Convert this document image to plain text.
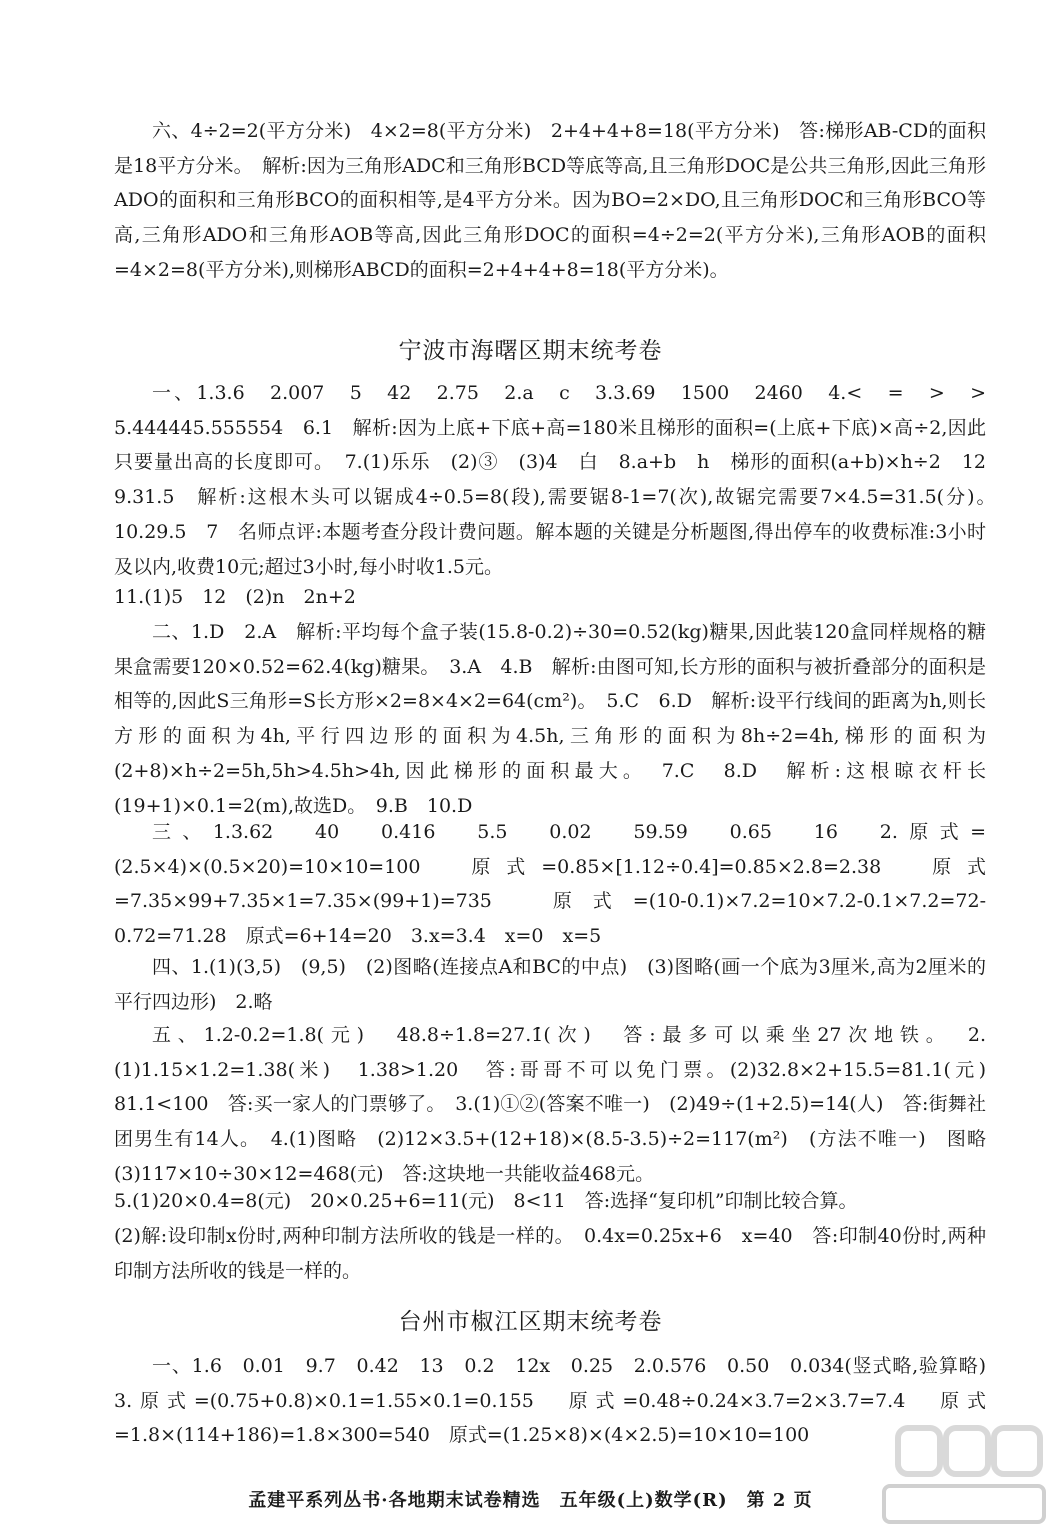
六、4÷2=2(平方分米)　4×2=8(平方分米)　2+4+4+8=18(平方分米)　答:梯形AB-CD的面积是18平方分米。　解析:因为三角形ADC和三角形BCD等底等高,且三角形DOC是公共三角形,因此三角形ADO的面积和三角形BCO的面积相等,是4平方分米。因为BO=2×DO,且三角形DOC和三角形BCO等高,三角形ADO和三角形AOB等高,因此三角形DOC的面积=4÷2=2(平方分米),三角形AOB的面积=4×2=8(平方分米),则梯形ABCD的面积=2+4+4+8=18(平方分米)。

宁波市海曙区期末统考卷

一、1.3.6　2.007　5　42　2.75　2.a　c　3.3.69　1500　2460　4.<　=　>　>　5.444445.555554　6.1　解析:因为上底+下底+高=180米且梯形的面积=(上底+下底)×高÷2,因此只要量出高的长度即可。　7.(1)乐乐　(2)③　(3)4　白　8.a+b　h　梯形的面积(a+b)×h÷2　12　9.31.5　解析:这根木头可以锯成4÷0.5=8(段),需要锯8-1=7(次),故锯完需要7×4.5=31.5(分)。　10.29.5　7　名师点评:本题考查分段计费问题。解本题的关键是分析题图,得出停车的收费标准:3小时及以内,收费10元;超过3小时,每小时收1.5元。

11.(1)5　12　(2)n　2n+2

二、1.D　2.A　解析:平均每个盒子装(15.8-0.2)÷30=0.52(kg)糖果,因此装120盒同样规格的糖果盒需要120×0.52=62.4(kg)糖果。　3.A　4.B　解析:由图可知,长方形的面积与被折叠部分的面积是相等的,因此S三角形=S长方形×2=8×4×2=64(cm²)。　5.C　6.D　解析:设平行线间的距离为h,则长方形的面积为4h,平行四边形的面积为4.5h,三角形的面积为8h÷2=4h,梯形的面积为(2+8)×h÷2=5h,5h>4.5h>4h,因此梯形的面积最大。　7.C　8.D　解析:这根晾衣杆长(19+1)×0.1=2(m),故选D。　9.B　10.D

三、1.3.62　40　0.416　5.5　0.02　59.59　0.65　16　2.原式=(2.5×4)×(0.5×20)=10×10=100　原式=0.85×[1.12÷0.4]=0.85×2.8=2.38　原式=7.35×99+7.35×1=7.35×(99+1)=735　原式=(10-0.1)×7.2=10×7.2-0.1×7.2=72-0.72=71.28　原式=6+14=20　3.x=3.4　x=0　x=5

四、1.(1)(3,5)　(9,5)　(2)图略(连接点A和BC的中点)　(3)图略(画一个底为3厘米,高为2厘米的平行四边形)　2.略

五、1.2-0.2=1.8(元)　48.8÷1.8=27.1̇(次)　答:最多可以乘坐27次地铁。　2.(1)1.15×1.2=1.38(米)　1.38>1.20　答:哥哥不可以免门票。(2)32.8×2+15.5=81.1(元)　81.1<100　答:买一家人的门票够了。　3.(1)①②(答案不唯一)　(2)49÷(1+2.5)=14(人)　答:街舞社团男生有14人。　4.(1)图略　(2)12×3.5+(12+18)×(8.5-3.5)÷2=117(m²)　(方法不唯一)　图略　(3)117×10÷30×12=468(元)　答:这块地一共能收益468元。

5.(1)20×0.4=8(元)　20×0.25+6=11(元)　8<11　答:选择“复印机”印制比较合算。

(2)解:设印制x份时,两种印制方法所收的钱是一样的。　0.4x=0.25x+6　x=40　答:印制40份时,两种印制方法所收的钱是一样的。

台州市椒江区期末统考卷

一、1.6　0.01　9.7　0.42　13　0.2　12x　0.25　2.0.576　0.50　0.034(竖式略,验算略)　3.原式=(0.75+0.8)×0.1=1.55×0.1=0.155　原式=0.48÷0.24×3.7=2×3.7=7.4　原式=1.8×(114+186)=1.8×300=540　原式=(1.25×8)×(4×2.5)=10×10=100

孟建平系列丛书·各地期末试卷精选　五年级(上)数学(R)　第 2 页
